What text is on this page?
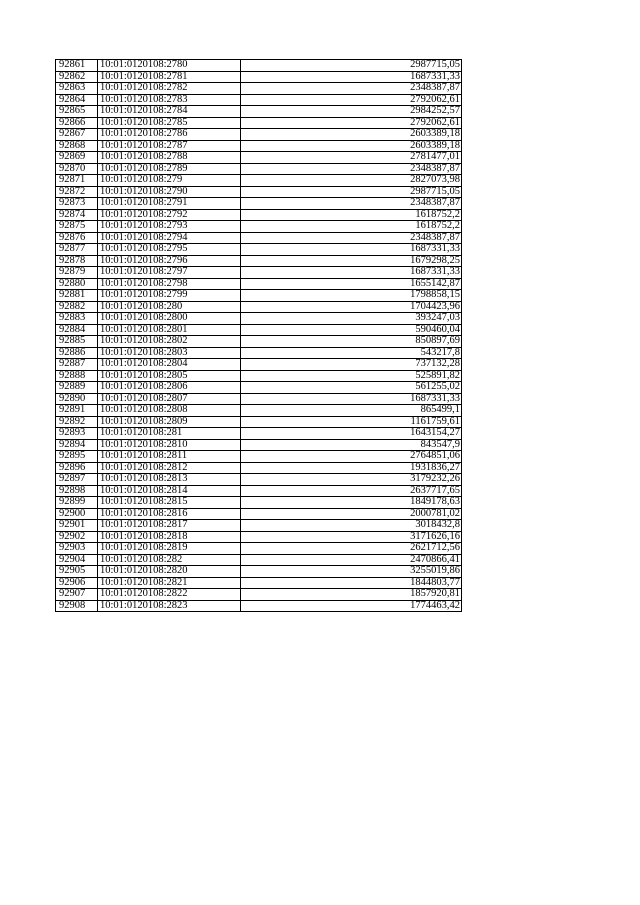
92861	10:01:0120108:2780	2987715,05
92862	10:01:0120108:2781	1687331,33
92863	10:01:0120108:2782	2348387,87
92864	10:01:0120108:2783	2792062,61
92865	10:01:0120108:2784	2984252,57
92866	10:01:0120108:2785	2792062,61
92867	10:01:0120108:2786	2603389,18
92868	10:01:0120108:2787	2603389,18
92869	10:01:0120108:2788	2781477,01
92870	10:01:0120108:2789	2348387,87
92871	10:01:0120108:279	2827073,98
92872	10:01:0120108:2790	2987715,05
92873	10:01:0120108:2791	2348387,87
92874	10:01:0120108:2792	1618752,2
92875	10:01:0120108:2793	1618752,2
92876	10:01:0120108:2794	2348387,87
92877	10:01:0120108:2795	1687331,33
92878	10:01:0120108:2796	1679298,25
92879	10:01:0120108:2797	1687331,33
92880	10:01:0120108:2798	1655142,87
92881	10:01:0120108:2799	1798858,15
92882	10:01:0120108:280	1704423,96
92883	10:01:0120108:2800	393247,03
92884	10:01:0120108:2801	590460,04
92885	10:01:0120108:2802	850897,69
92886	10:01:0120108:2803	543217,8
92887	10:01:0120108:2804	737132,28
92888	10:01:0120108:2805	525891,82
92889	10:01:0120108:2806	561255,02
92890	10:01:0120108:2807	1687331,33
92891	10:01:0120108:2808	865499,1
92892	10:01:0120108:2809	1161759,61
92893	10:01:0120108:281	1643154,27
92894	10:01:0120108:2810	843547,9
92895	10:01:0120108:2811	2764851,06
92896	10:01:0120108:2812	1931836,27
92897	10:01:0120108:2813	3179232,26
92898	10:01:0120108:2814	2637717,65
92899	10:01:0120108:2815	1849178,63
92900	10:01:0120108:2816	2000781,02
92901	10:01:0120108:2817	3018432,8
92902	10:01:0120108:2818	3171626,16
92903	10:01:0120108:2819	2621712,56
92904	10:01:0120108:282	2470866,41
92905	10:01:0120108:2820	3255019,86
92906	10:01:0120108:2821	1844803,77
92907	10:01:0120108:2822	1857920,81
92908	10:01:0120108:2823	1774463,42
